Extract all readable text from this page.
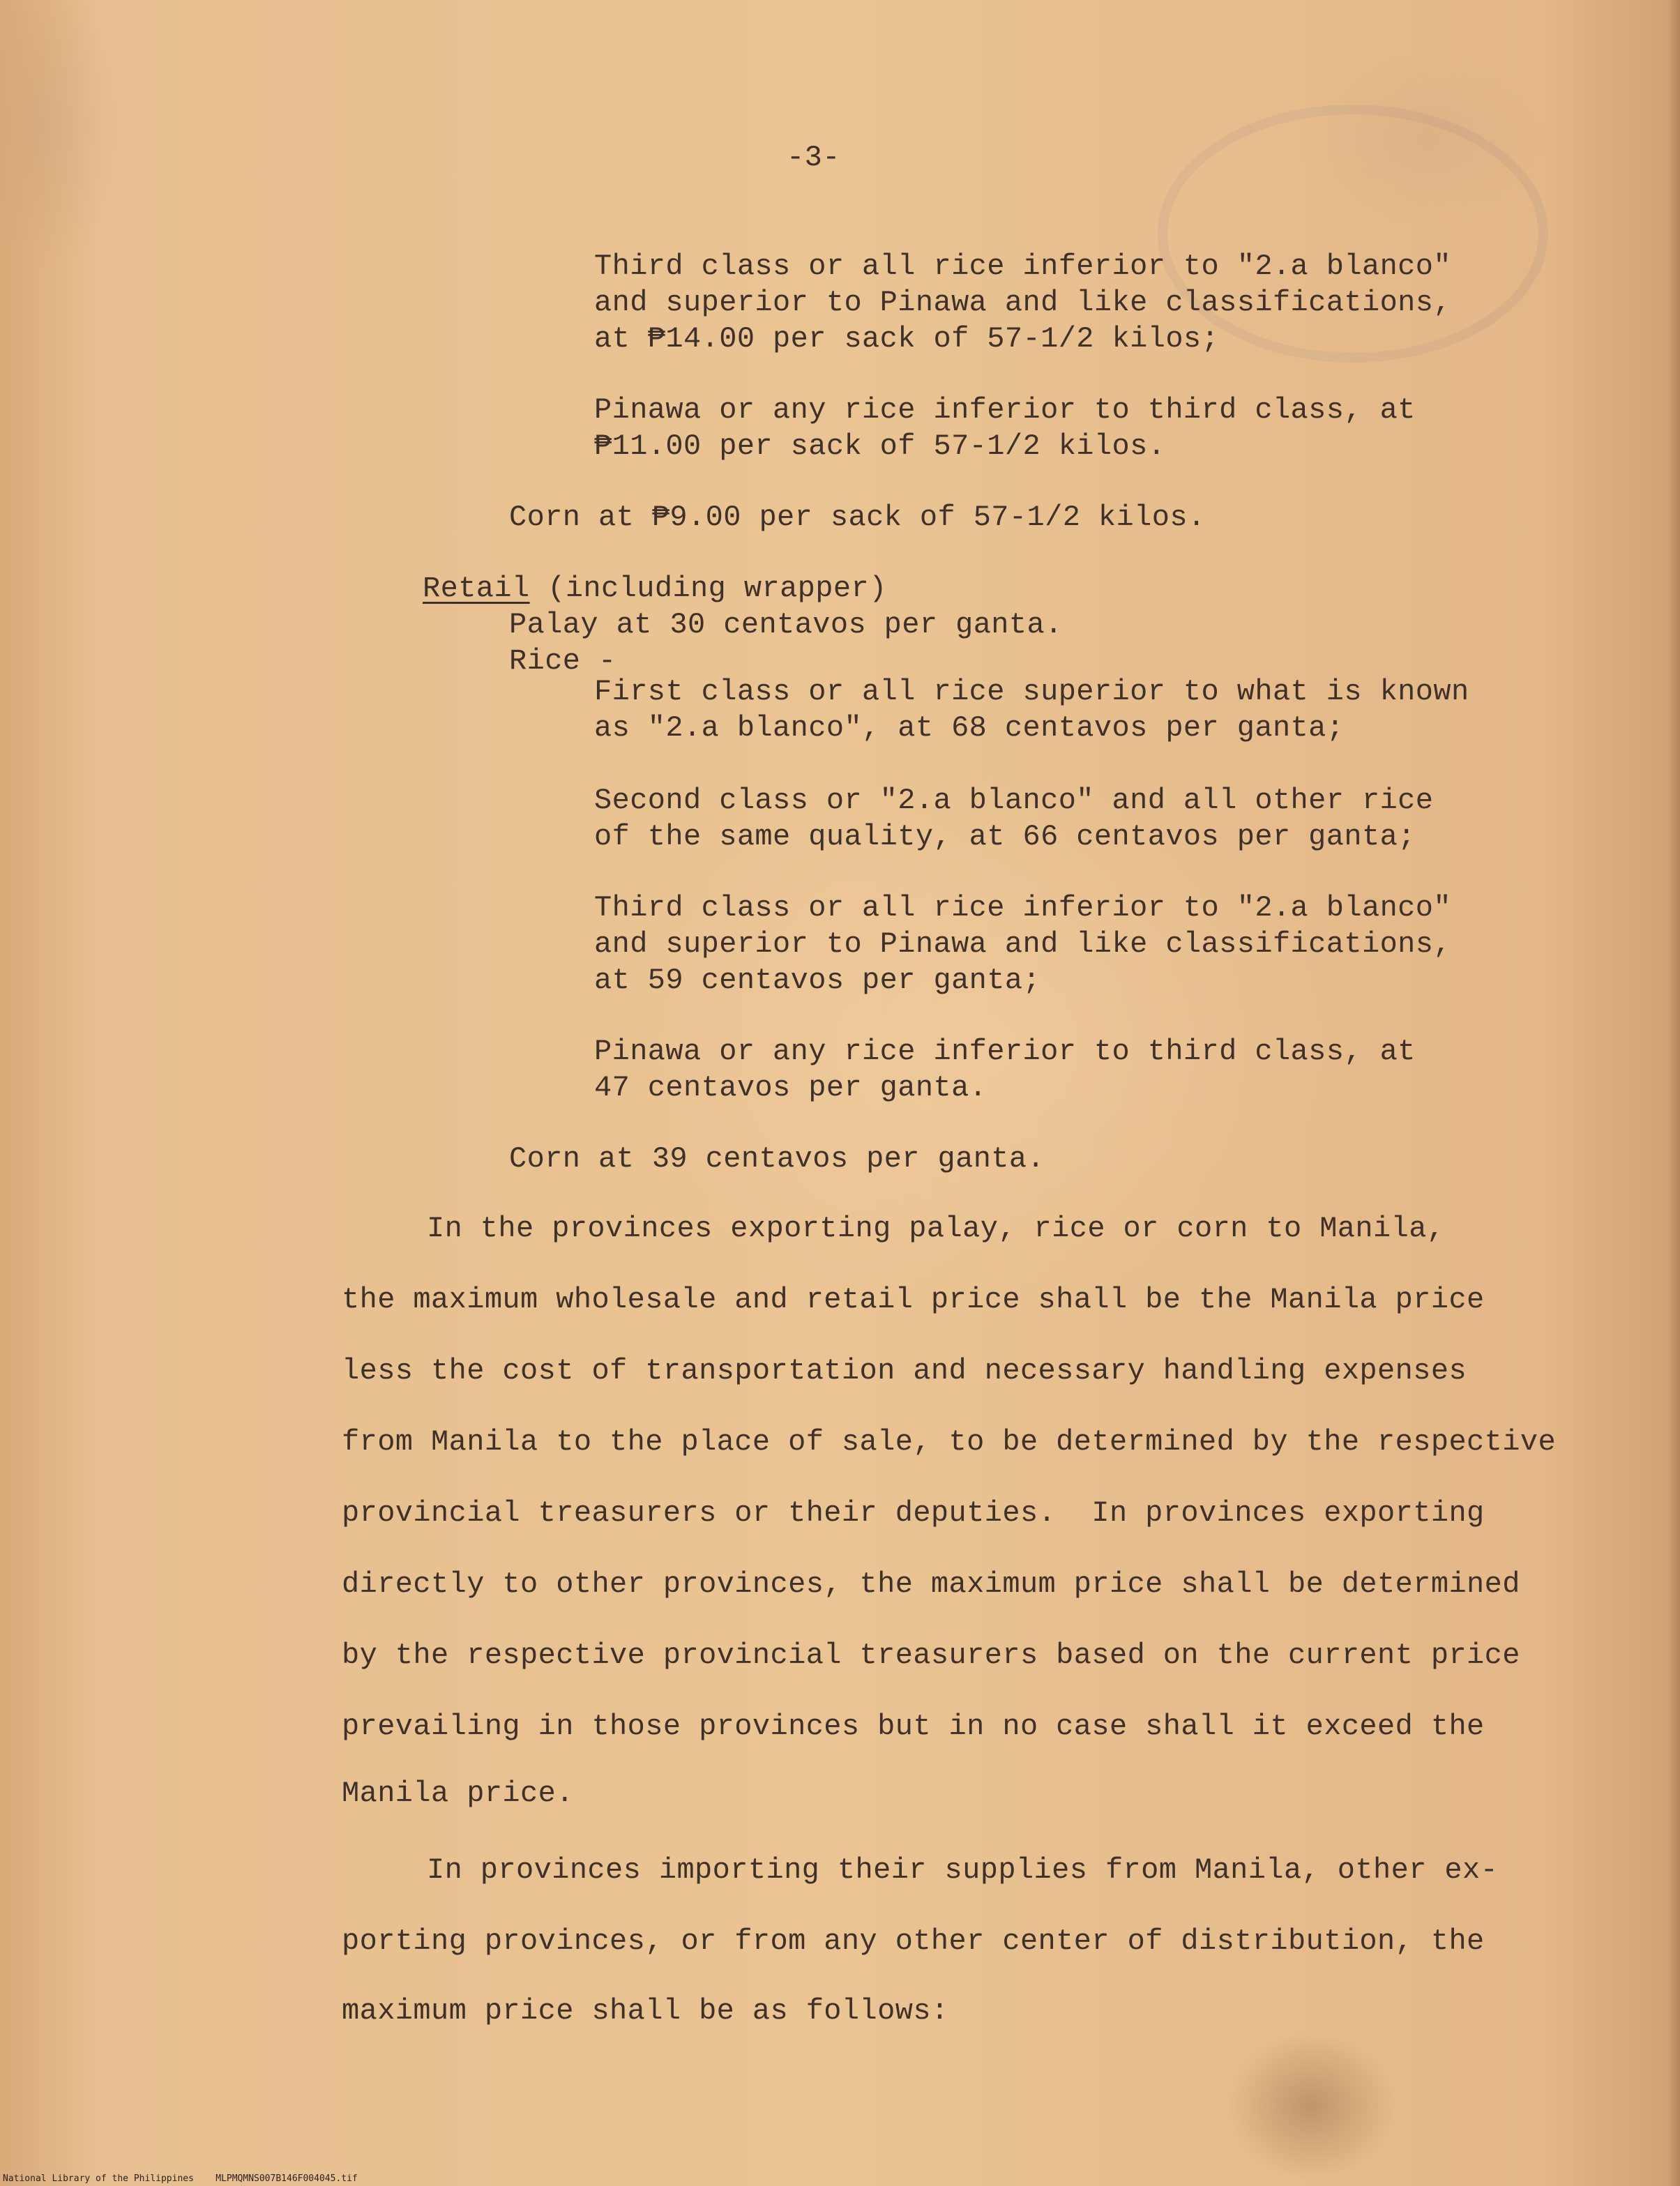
-3-

Third class or all rice inferior to "2.a blanco"

and superior to Pinawa and like classifications,

at ₱14.00 per sack of 57-1/2 kilos;

Pinawa or any rice inferior to third class, at

₱11.00 per sack of 57-1/2 kilos.

Corn at ₱9.00 per sack of 57-1/2 kilos.

Retail (including wrapper)

Palay at 30 centavos per ganta.

Rice -

First class or all rice superior to what is known

as "2.a blanco", at 68 centavos per ganta;

Second class or "2.a blanco" and all other rice

of the same quality, at 66 centavos per ganta;

Third class or all rice inferior to "2.a blanco"

and superior to Pinawa and like classifications,

at 59 centavos per ganta;

Pinawa or any rice inferior to third class, at

47 centavos per ganta.

Corn at 39 centavos per ganta.

In the provinces exporting palay, rice or corn to Manila,

the maximum wholesale and retail price shall be the Manila price

less the cost of transportation and necessary handling expenses

from Manila to the place of sale, to be determined by the respective

provincial treasurers or their deputies.  In provinces exporting

directly to other provinces, the maximum price shall be determined

by the respective provincial treasurers based on the current price

prevailing in those provinces but in no case shall it exceed the

Manila price.

In provinces importing their supplies from Manila, other ex-

porting provinces, or from any other center of distribution, the

maximum price shall be as follows:

National Library of the Philippines    MLPMQMNS007B146F004045.tif
